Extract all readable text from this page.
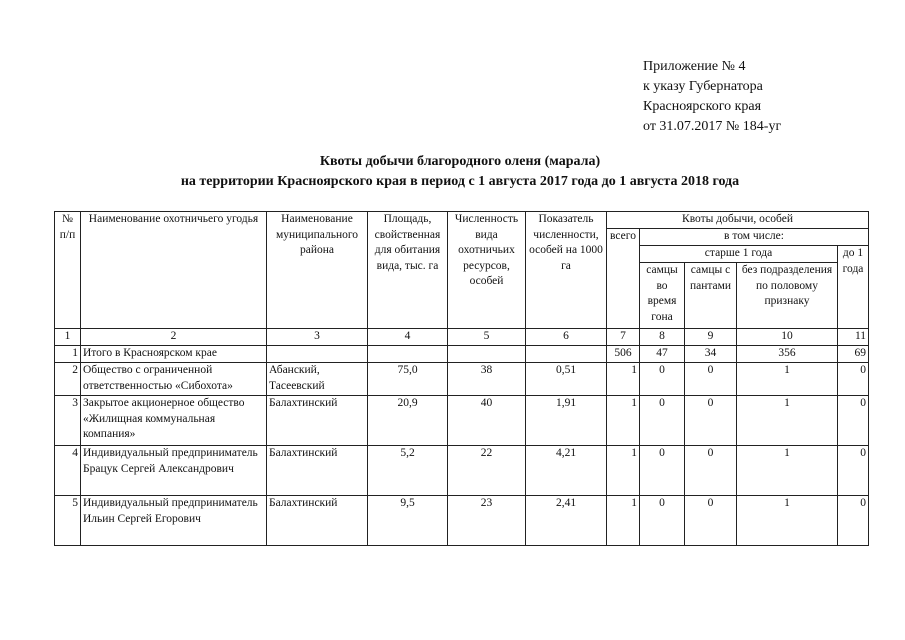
Приложение № 4
к указу Губернатора
Красноярского края
от 31.07.2017 № 184-уг
Квоты добычи благородного оленя (марала)
на территории Красноярского края в период с 1 августа 2017 года до 1 августа 2018 года
№ п/п	Наименование охотничьего угодья	Наименование муниципального района	Площадь, свойственная для обитания вида, тыс. га	Численность вида охотничьих ресурсов, особей	Показатель численности, особей на 1000 га	Квоты добычи, особей				
						всего	в том числе:			
							старше 1 года			до 1 года
							самцы во время гона	самцы с пантами	без подразделения по половому признаку	
1	2	3	4	5	6	7	8	9	10	11
1	Итого в Красноярском крае					506	47	34	356	69
2	Общество с ограниченной ответственностью «Сибохота»	Абанский, Тасеевский	75,0	38	0,51	1	0	0	1	0
3	Закрытое акционерное общество «Жилищная коммунальная компания»	Балахтинский	20,9	40	1,91	1	0	0	1	0
4	Индивидуальный предприниматель Брацук Сергей Александрович	Балахтинский	5,2	22	4,21	1	0	0	1	0
5	Индивидуальный предприниматель Ильин Сергей Егорович	Балахтинский	9,5	23	2,41	1	0	0	1	0
